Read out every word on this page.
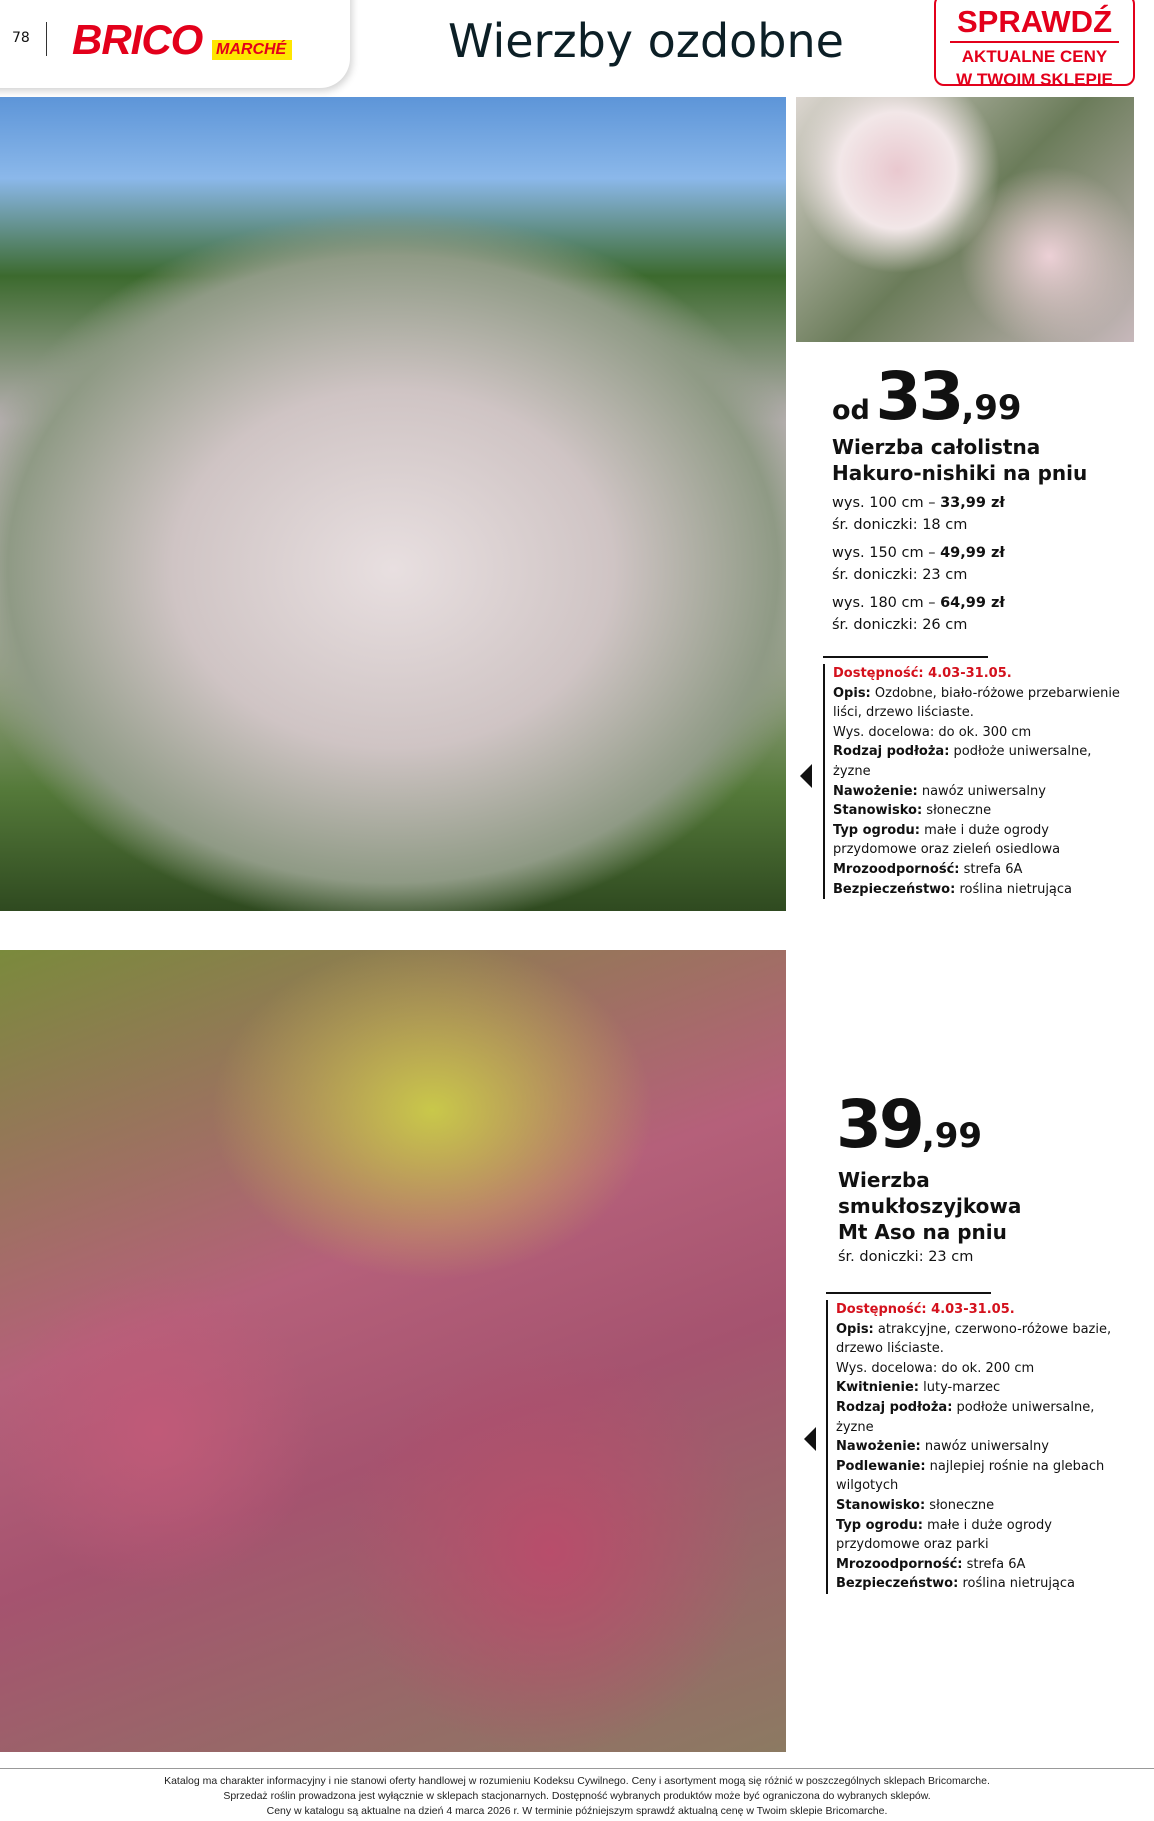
78 BRICO MARCHÉ	Wierzby ozdobne	SPRAWDŹ
AKTUALNE CENY
W TWOIM SKLEPIE
od 33,99
Wierzba całolistna
Hakuro-nishiki na pniu
wys. 100 cm – 33,99 zł
śr. doniczki: 18 cm
wys. 150 cm – 49,99 zł
śr. doniczki: 23 cm
wys. 180 cm – 64,99 zł
śr. doniczki: 26 cm
Dostępność: 4.03-31.05.
Opis: Ozdobne, biało-różowe przebarwienie liści, drzewo liściaste.
Wys. docelowa: do ok. 300 cm
Rodzaj podłoża: podłoże uniwersalne, żyzne
Nawożenie: nawóz uniwersalny
Stanowisko: słoneczne
Typ ogrodu: małe i duże ogrody przydomowe oraz zieleń osiedlowa
Mrozoodporność: strefa 6A
Bezpieczeństwo: roślina nietrująca
39,99
Wierzba
smukłoszyjkowa
Mt Aso na pniu
śr. doniczki: 23 cm
Dostępność: 4.03-31.05.
Opis: atrakcyjne, czerwono-różowe bazie, drzewo liściaste.
Wys. docelowa: do ok. 200 cm
Kwitnienie: luty-marzec
Rodzaj podłoża: podłoże uniwersalne, żyzne
Nawożenie: nawóz uniwersalny
Podlewanie: najlepiej rośnie na glebach wilgotych
Stanowisko: słoneczne
Typ ogrodu: małe i duże ogrody przydomowe oraz parki
Mrozoodporność: strefa 6A
Bezpieczeństwo: roślina nietrująca
Katalog ma charakter informacyjny i nie stanowi oferty handlowej w rozumieniu Kodeksu Cywilnego. Ceny i asortyment mogą się różnić w poszczególnych sklepach Bricomarche.
Sprzedaż roślin prowadzona jest wyłącznie w sklepach stacjonarnych. Dostępność wybranych produktów może być ograniczona do wybranych sklepów.
Ceny w katalogu są aktualne na dzień 4 marca 2026 r. W terminie późniejszym sprawdź aktualną cenę w Twoim sklepie Bricomarche.
